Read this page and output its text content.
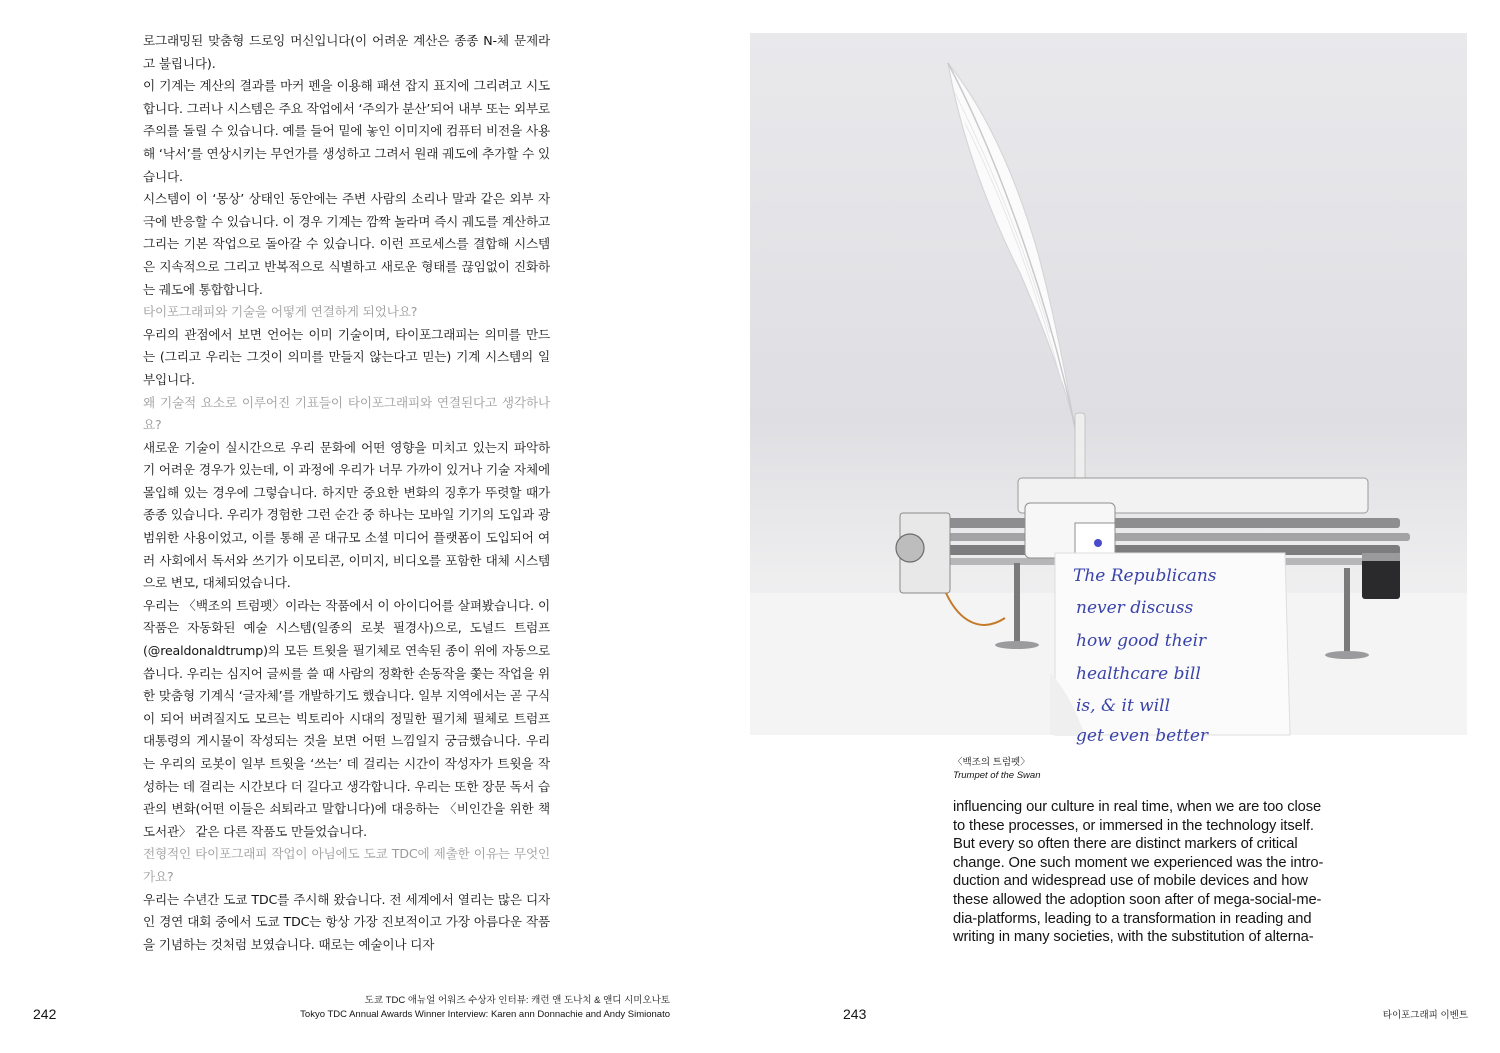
로그래밍된 맞춤형 드로잉 머신입니다(이 어려운 계산은 종종 N-체 문제라고 불립니다).

이 기계는 계산의 결과를 마커 펜을 이용해 패션 잡지 표지에 그리려고 시도합니다. 그러나 시스템은 주요 작업에서 ‘주의가 분산’되어 내부 또는 외부로 주의를 돌릴 수 있습니다. 예를 들어 밑에 놓인 이미지에 컴퓨터 비전을 사용해 ‘낙서’를 연상시키는 무언가를 생성하고 그려서 원래 궤도에 추가할 수 있습니다.

시스템이 이 ‘몽상’ 상태인 동안에는 주변 사람의 소리나 말과 같은 외부 자극에 반응할 수 있습니다. 이 경우 기계는 깜짝 놀라며 즉시 궤도를 계산하고 그리는 기본 작업으로 돌아갈 수 있습니다. 이런 프로세스를 결합해 시스템은 지속적으로 그리고 반복적으로 식별하고 새로운 형태를 끊임없이 진화하는 궤도에 통합합니다.

타이포그래피와 기술을 어떻게 연결하게 되었나요?

우리의 관점에서 보면 언어는 이미 기술이며, 타이포그래피는 의미를 만드는 (그리고 우리는 그것이 의미를 만들지 않는다고 믿는) 기계 시스템의 일부입니다.

왜 기술적 요소로 이루어진 기표들이 타이포그래피와 연결된다고 생각하나요?

새로운 기술이 실시간으로 우리 문화에 어떤 영향을 미치고 있는지 파악하기 어려운 경우가 있는데, 이 과정에 우리가 너무 가까이 있거나 기술 자체에 몰입해 있는 경우에 그렇습니다. 하지만 중요한 변화의 징후가 뚜렷할 때가 종종 있습니다. 우리가 경험한 그런 순간 중 하나는 모바일 기기의 도입과 광범위한 사용이었고, 이를 통해 곧 대규모 소셜 미디어 플랫폼이 도입되어 여러 사회에서 독서와 쓰기가 이모티콘, 이미지, 비디오를 포함한 대체 시스템으로 변모, 대체되었습니다.

우리는 〈백조의 트럼펫〉이라는 작품에서 이 아이디어를 살펴봤습니다. 이 작품은 자동화된 예술 시스템(일종의 로봇 필경사)으로, 도널드 트럼프(@realdonaldtrump)의 모든 트윗을 필기체로 연속된 종이 위에 자동으로 씁니다. 우리는 심지어 글씨를 쓸 때 사람의 정확한 손동작을 쫓는 작업을 위한 맞춤형 기계식 ‘글자체’를 개발하기도 했습니다. 일부 지역에서는 곧 구식이 되어 버려질지도 모르는 빅토리아 시대의 정밀한 필기체 필체로 트럼프 대통령의 게시물이 작성되는 것을 보면 어떤 느낌일지 궁금했습니다. 우리는 우리의 로봇이 일부 트윗을 ‘쓰는’ 데 걸리는 시간이 작성자가 트윗을 작성하는 데 걸리는 시간보다 더 길다고 생각합니다. 우리는 또한 장문 독서 습관의 변화(어떤 이들은 쇠퇴라고 말합니다)에 대응하는 〈비인간을 위한 책 도서관〉 같은 다른 작품도 만들었습니다.

전형적인 타이포그래피 작업이 아님에도 도쿄 TDC에 제출한 이유는 무엇인가요?

우리는 수년간 도쿄 TDC를 주시해 왔습니다. 전 세계에서 열리는 많은 디자인 경연 대회 중에서 도쿄 TDC는 항상 가장 진보적이고 가장 아름다운 작품을 기념하는 것처럼 보였습니다. 때로는 예술이나 디자

242
도쿄 TDC 애뉴얼 어워즈 수상자 인터뷰: 캐런 앤 도나치 & 앤디 시미오나토
Tokyo TDC Annual Awards Winner Interview: Karen ann Donnachie and Andy Simionato
The Republicans
never discuss
how good their
healthcare bill
is, & it will
get even better
〈백조의 트럼펫〉
Trumpet of the Swan

influencing our culture in real time, when we are too close

to these processes, or immersed in the technology itself.

But every so often there are distinct markers of critical

change. One such moment we experienced was the intro-

duction and widespread use of mobile devices and how

these allowed the adoption soon after of mega-social-me-

dia-platforms, leading to a transformation in reading and

writing in many societies, with the substitution of alterna-

243	타이포그래피 이벤트
